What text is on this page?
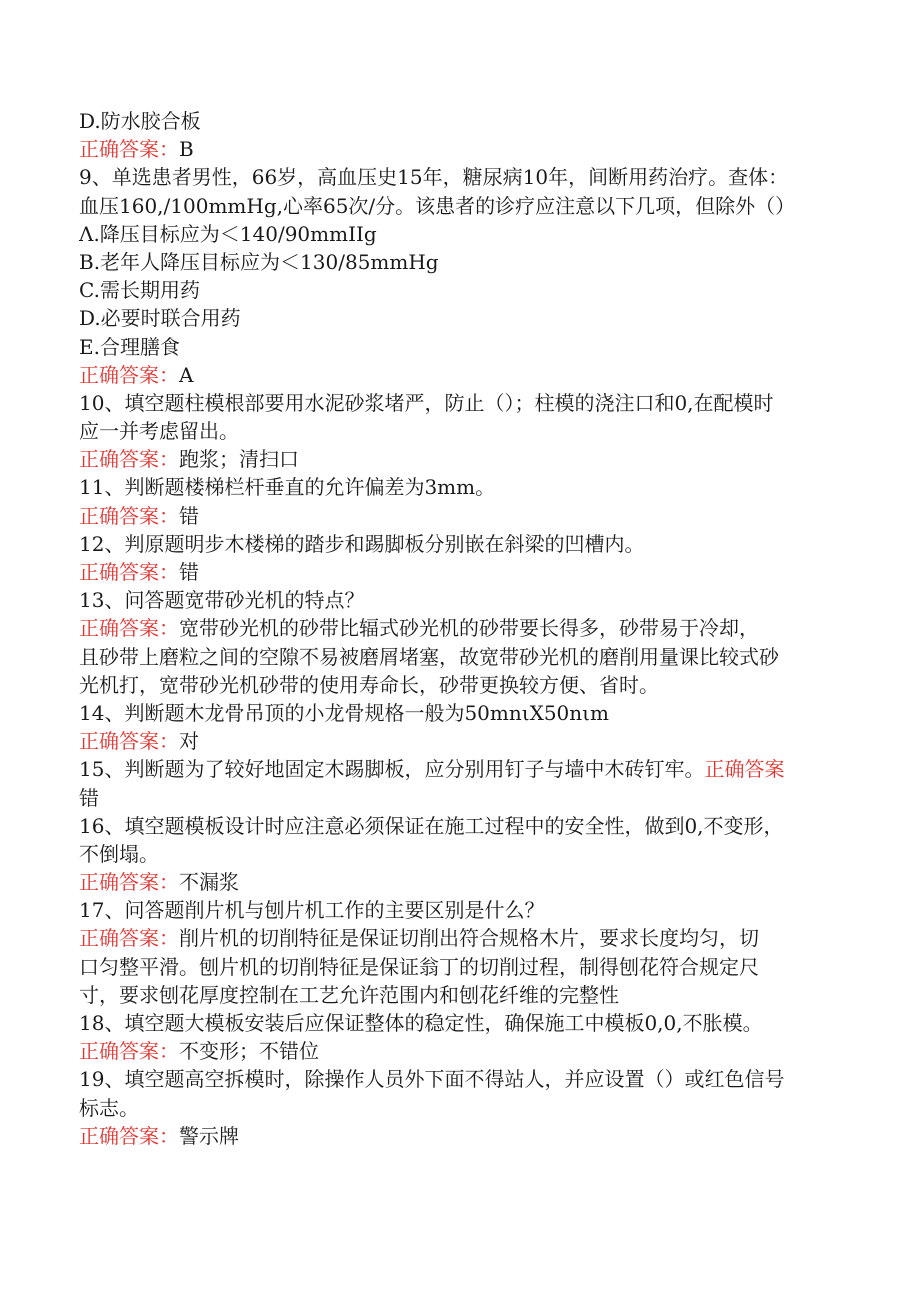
D.防水胶合板
正确答案：B
9、单选患者男性，66岁，高血压史15年，糖尿病10年，间断用药治疗。查体：
血压160,/100mmHg,心率65次/分。该患者的诊疗应注意以下几项，但除外（）
Λ.降压目标应为＜140/90mmIIg
B.老年人降压目标应为＜130/85mmHg
C.需长期用药
D.必要时联合用药
E.合理膳食
正确答案：A
10、填空题柱模根部要用水泥砂浆堵严，防止（）；柱模的浇注口和0,在配模时
应一并考虑留出。
正确答案：跑浆；清扫口
11、判断题楼梯栏杆垂直的允许偏差为3mm。
正确答案：错
12、判原题明步木楼梯的踏步和踢脚板分别嵌在斜梁的凹槽内。
正确答案：错
13、问答题宽带砂光机的特点？
正确答案：宽带砂光机的砂带比辐式砂光机的砂带要长得多，砂带易于冷却，
且砂带上磨粒之间的空隙不易被磨屑堵塞，故宽带砂光机的磨削用量课比较式砂
光机打，宽带砂光机砂带的使用寿命长，砂带更换较方便、省时。
14、判断题木龙骨吊顶的小龙骨规格一般为50mnιX50nιm
正确答案：对
15、判断题为了较好地固定木踢脚板，应分别用钉子与墙中木砖钉牢。正确答案
错
16、填空题模板设计时应注意必须保证在施工过程中的安全性，做到0,不变形，
不倒塌。
正确答案：不漏浆
17、问答题削片机与刨片机工作的主要区别是什么？
正确答案：削片机的切削特征是保证切削出符合规格木片，要求长度均匀，切
口匀整平滑。刨片机的切削特征是保证翁丁的切削过程，制得刨花符合规定尺
寸，要求刨花厚度控制在工艺允许范围内和刨花纤维的完整性
18、填空题大模板安装后应保证整体的稳定性，确保施工中模板0,0,不胀模。
正确答案：不变形；不错位
19、填空题高空拆模时，除操作人员外下面不得站人，并应设置（）或红色信号
标志。
正确答案：警示牌
